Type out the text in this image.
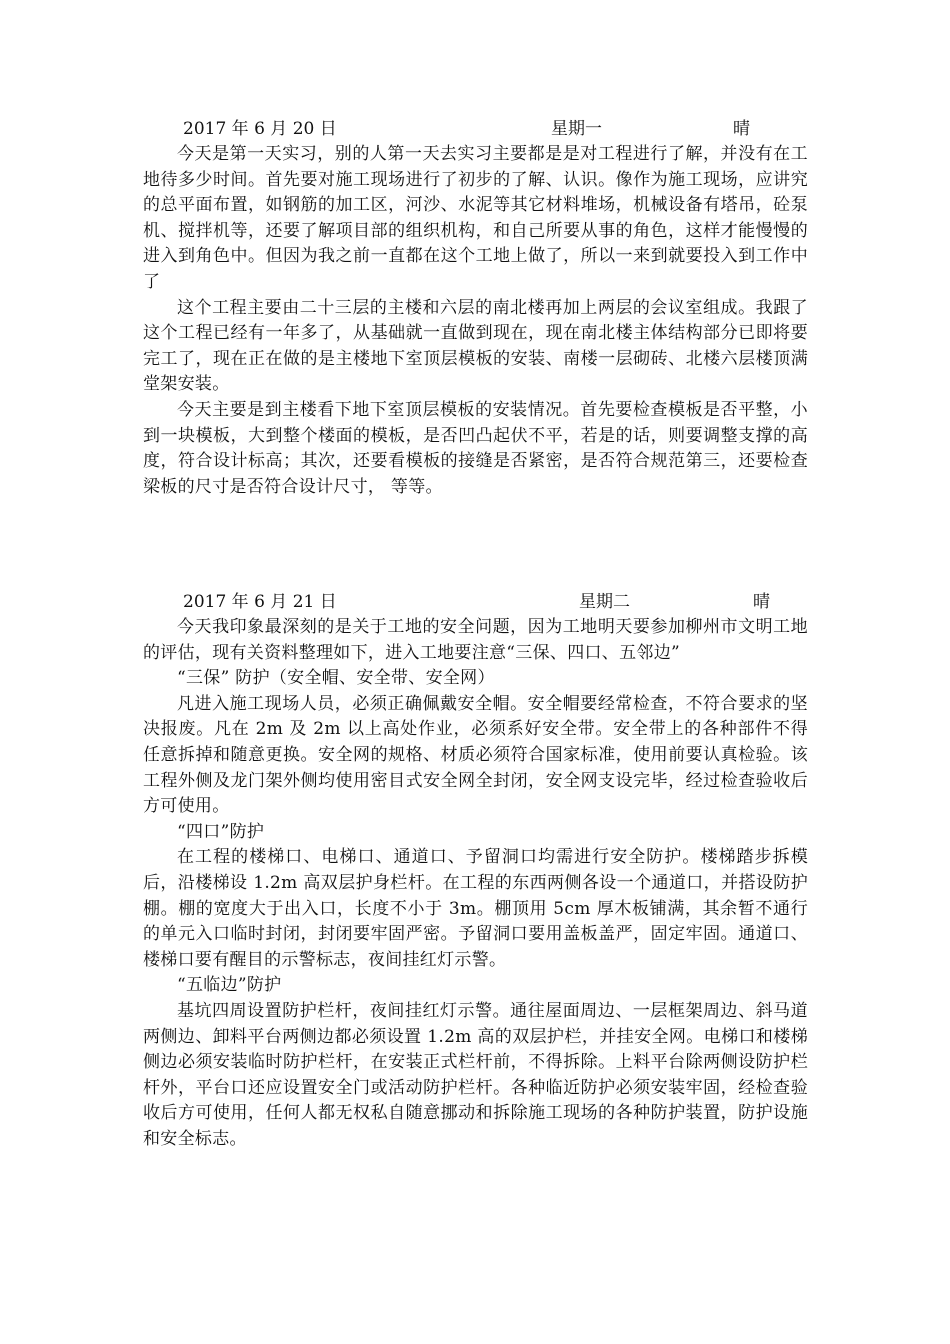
2017 年 6 月 20 日	星期一	晴

今天是第一天实习，别的人第一天去实习主要都是是对工程进行了解，并没有在工地待多少时间。首先要对施工现场进行了初步的了解、认识。像作为施工现场，应讲究的总平面布置，如钢筋的加工区，河沙、水泥等其它材料堆场，机械设备有塔吊，砼泵机、搅拌机等，还要了解项目部的组织机构，和自己所要从事的角色，这样才能慢慢的进入到角色中。但因为我之前一直都在这个工地上做了，所以一来到就要投入到工作中了

这个工程主要由二十三层的主楼和六层的南北楼再加上两层的会议室组成。我跟了这个工程已经有一年多了，从基础就一直做到现在，现在南北楼主体结构部分已即将要完工了，现在正在做的是主楼地下室顶层模板的安装、南楼一层砌砖、北楼六层楼顶满堂架安装。

今天主要是到主楼看下地下室顶层模板的安装情况。首先要检查模板是否平整，小到一块模板，大到整个楼面的模板，是否凹凸起伏不平，若是的话，则要调整支撑的高度，符合设计标高；其次，还要看模板的接缝是否紧密，是否符合规范第三，还要检查梁板的尺寸是否符合设计尺寸， 等等。

2017 年 6 月 21 日	星期二	晴

今天我印象最深刻的是关于工地的安全问题，因为工地明天要参加柳州市文明工地的评估，现有关资料整理如下，进入工地要注意“三保、四口、五邻边”

“三保” 防护（安全帽、安全带、安全网）

凡进入施工现场人员，必须正确佩戴安全帽。安全帽要经常检查，不符合要求的坚决报废。凡在 2m 及 2m 以上高处作业，必须系好安全带。安全带上的各种部件不得任意拆掉和随意更换。安全网的规格、材质必须符合国家标准，使用前要认真检验。该工程外侧及龙门架外侧均使用密目式安全网全封闭，安全网支设完毕，经过检查验收后方可使用。

“四口”防护

在工程的楼梯口、电梯口、通道口、予留洞口均需进行安全防护。楼梯踏步拆模后，沿楼梯设 1.2m 高双层护身栏杆。在工程的东西两侧各设一个通道口，并搭设防护棚。棚的宽度大于出入口，长度不小于 3m。棚顶用 5cm 厚木板铺满，其余暂不通行的单元入口临时封闭，封闭要牢固严密。予留洞口要用盖板盖严，固定牢固。通道口、楼梯口要有醒目的示警标志，夜间挂红灯示警。

“五临边”防护

基坑四周设置防护栏杆，夜间挂红灯示警。通往屋面周边、一层框架周边、斜马道两侧边、卸料平台两侧边都必须设置 1.2m 高的双层护栏，并挂安全网。电梯口和楼梯侧边必须安装临时防护栏杆，在安装正式栏杆前，不得拆除。上料平台除两侧设防护栏杆外，平台口还应设置安全门或活动防护栏杆。各种临近防护必须安装牢固，经检查验收后方可使用，任何人都无权私自随意挪动和拆除施工现场的各种防护装置，防护设施和安全标志。
